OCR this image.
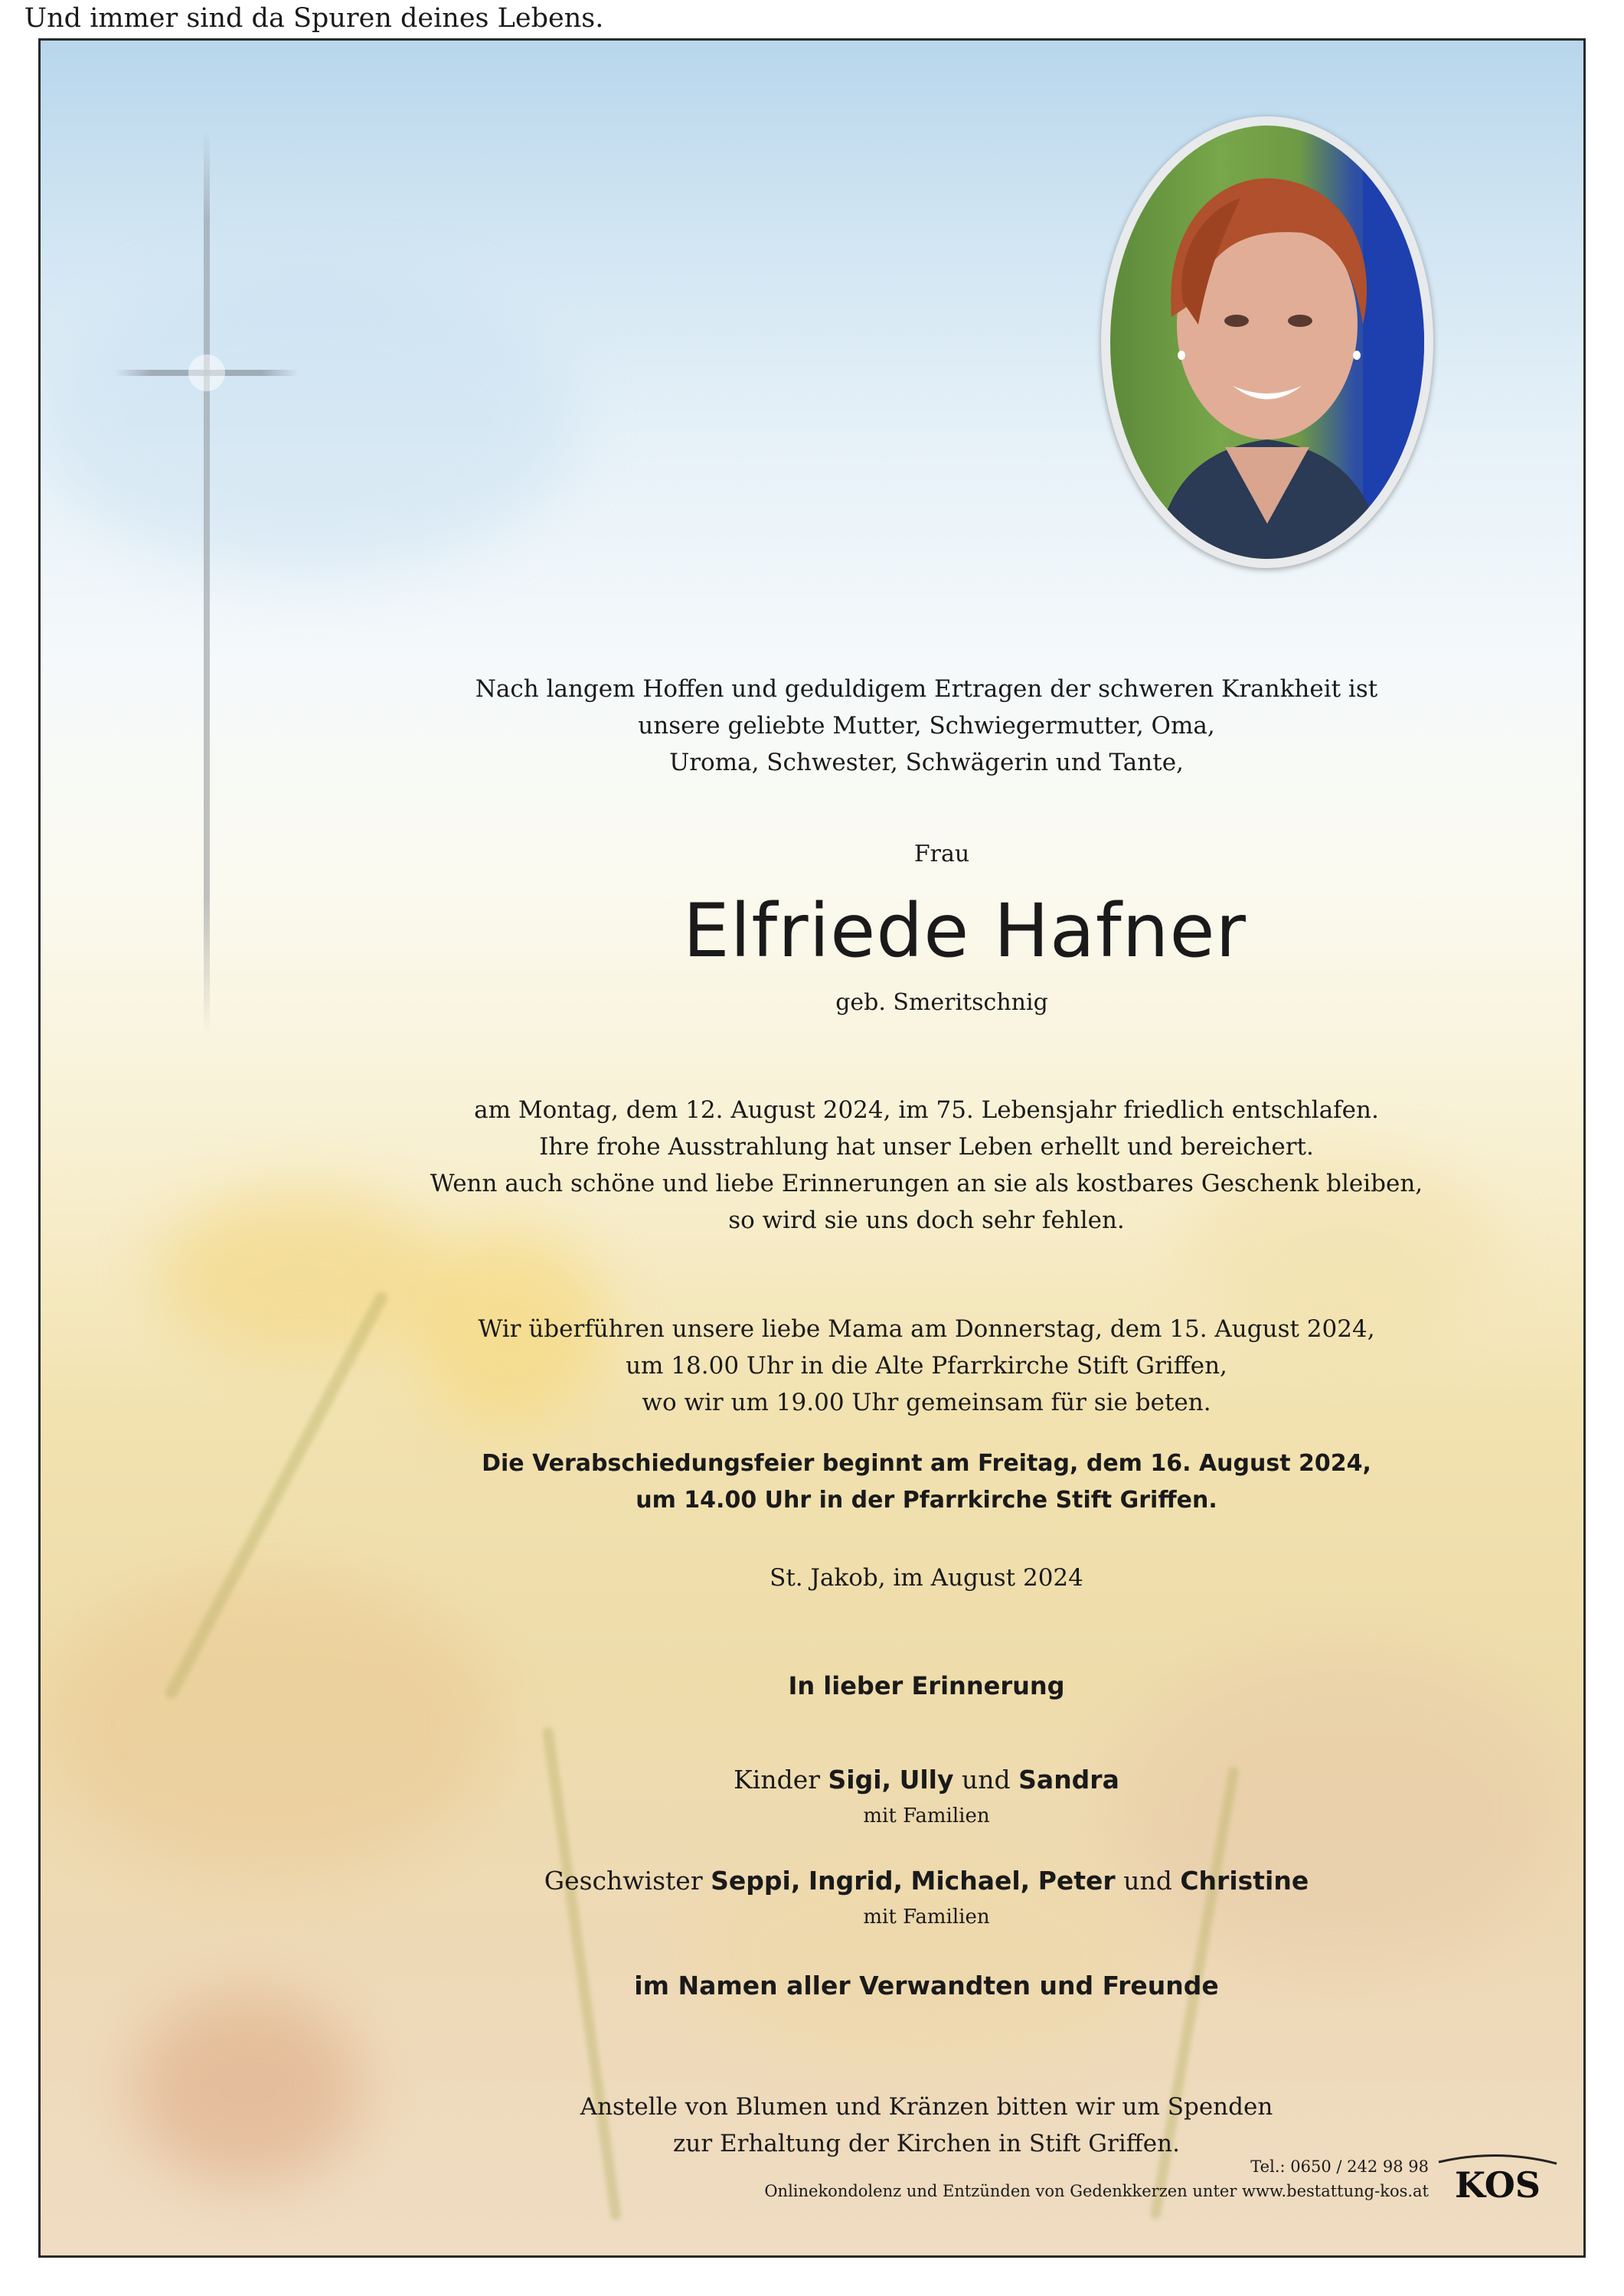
Und immer sind da Spuren deines Lebens.
Nach langem Hoffen und geduldigem Ertragen der schweren Krankheit ist
unsere geliebte Mutter, Schwiegermutter, Oma,
Uroma, Schwester, Schwägerin und Tante,
Frau
Elfriede Hafner
geb. Smeritschnig
am Montag, dem 12. August 2024, im 75. Lebensjahr friedlich entschlafen.
Ihre frohe Ausstrahlung hat unser Leben erhellt und bereichert.
Wenn auch schöne und liebe Erinnerungen an sie als kostbares Geschenk bleiben,
so wird sie uns doch sehr fehlen.
Wir überführen unsere liebe Mama am Donnerstag, dem 15. August 2024,
um 18.00 Uhr in die Alte Pfarrkirche Stift Griffen,
wo wir um 19.00 Uhr gemeinsam für sie beten.
Die Verabschiedungsfeier beginnt am Freitag, dem 16. August 2024,
um 14.00 Uhr in der Pfarrkirche Stift Griffen.
St. Jakob, im August 2024
In lieber Erinnerung
Kinder Sigi, Ully und Sandra
mit Familien
Geschwister Seppi, Ingrid, Michael, Peter und Christine
mit Familien
im Namen aller Verwandten und Freunde
Anstelle von Blumen und Kränzen bitten wir um Spenden
zur Erhaltung der Kirchen in Stift Griffen.
Tel.: 0650 / 242 98 98
Onlinekondolenz und Entzünden von Gedenkkerzen unter www.bestattung-kos.at KOS
